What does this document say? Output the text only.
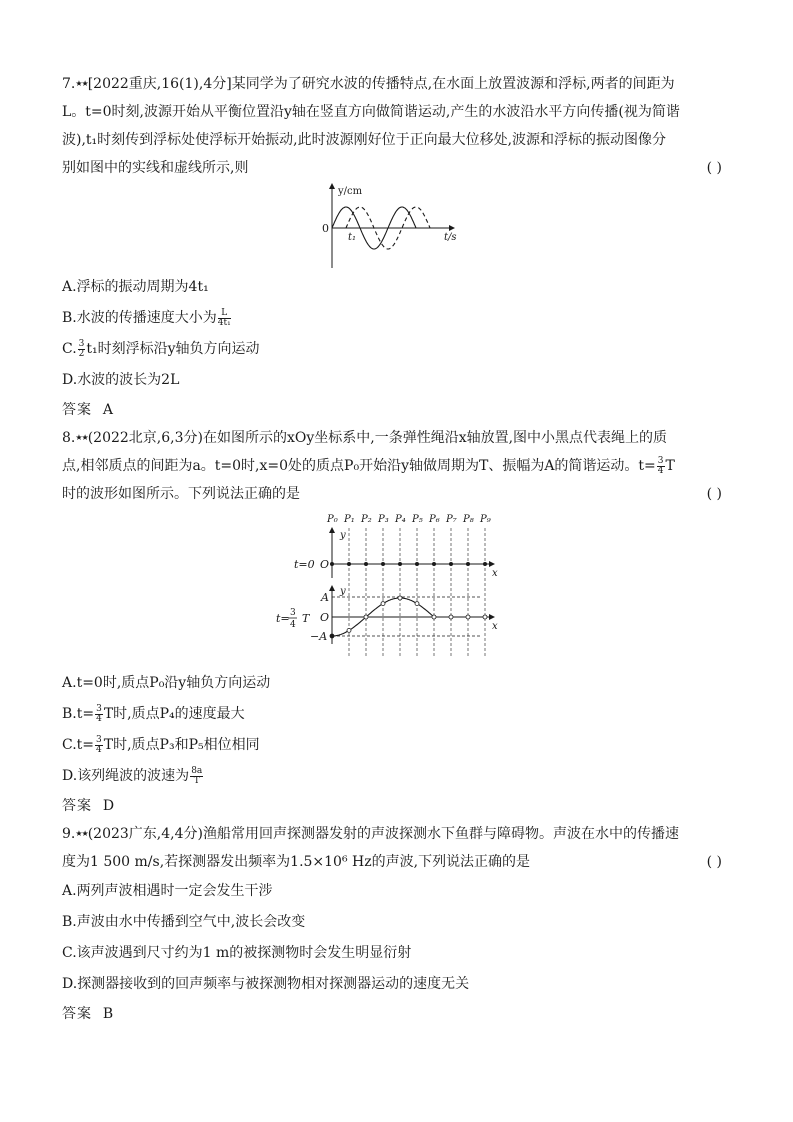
7.★★[2022重庆,16(1),4分]某同学为了研究水波的传播特点,在水面上放置波源和浮标,两者的间距为
L。t=0时刻,波源开始从平衡位置沿y轴在竖直方向做简谐运动,产生的水波沿水平方向传播(视为简谐
波),t₁时刻传到浮标处使浮标开始振动,此时波源刚好位于正向最大位移处,波源和浮标的振动图像分
别如图中的实线和虚线所示,则	( )
y/cm
0
t₁	t/s
A.浮标的振动周期为4t₁
B.水波的传播速度大小为 $\frac{L}{\text{4t₁}}$
C. $\frac{3}{2} t_1$时刻浮标沿y轴负方向运动
D.水波的波长为2L
答案 A
8.★★(2022北京,6,3分)在如图所示的xOy坐标系中,一条弹性绳沿x轴放置,图中小黑点代表绳上的质
点,相邻质点的间距为a。t=0时,x=0处的质点P₀开始沿y轴做周期为T、振幅为A的简谐运动。$t= \frac{3}{4}$ T
时的波形如图所示。下列说法正确的是	( )
P₀ P₁ P₂ P₃ P₄ P₅ P₆ P₇ P₈ P₉
y
x
t=0 O
y
x
A
O
−A
t= 3
4 T
A.t=0时,质点P₀沿y轴负方向运动
$B.t= \frac{3}{4}$ T时,质点P₄的速度最大
$C.t= \frac{3}{4}$ T时,质点P₃和P₅相位相同
D.该列绳波的波速为 $\frac{8a}{T}$
答案 D
9.★★(2023广东,4,4分)渔船常用回声探测器发射的声波探测水下鱼群与障碍物。声波在水中的传播速
度为1 500 m/s,若探测器发出频率为1.5×10⁶ Hz的声波,下列说法正确的是	( )
A.两列声波相遇时一定会发生干涉
B.声波由水中传播到空气中,波长会改变
C.该声波遇到尺寸约为1 m的被探测物时会发生明显衍射
D.探测器接收到的回声频率与被探测物相对探测器运动的速度无关
答案 B
